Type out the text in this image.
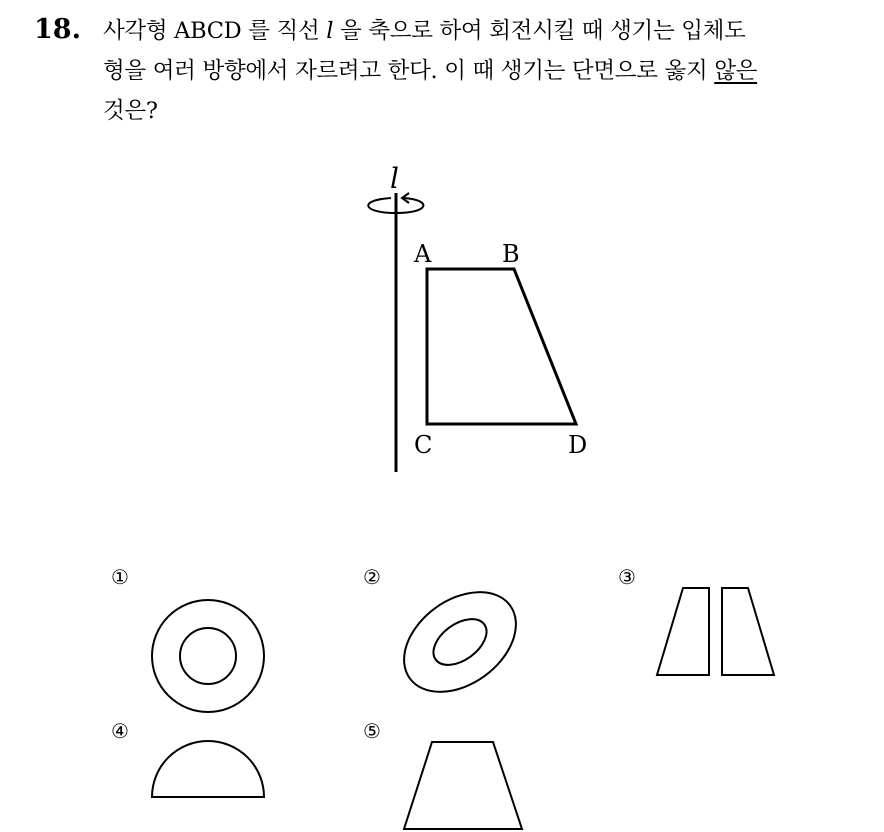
18. 사각형 ABCD 를 직선 l 을 축으로 하여 회전시킬 때 생기는 입체도
형을 여러 방향에서 자르려고 한다. 이 때 생기는 단면으로 옳지 않은
것은?
l
A	B
C	D
①	②	③
④	⑤
